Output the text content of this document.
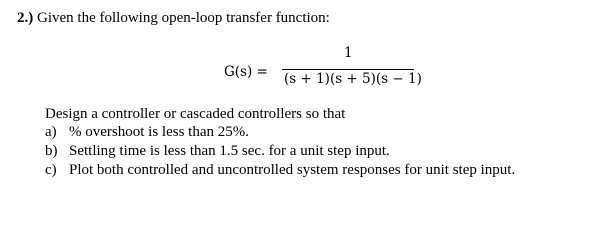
2.) Given the following open-loop transfer function:
G(s) =
1
(s + 1)(s + 5)(s − 1)
Design a controller or cascaded controllers so that
a) % overshoot is less than 25%.
b) Settling time is less than 1.5 sec. for a unit step input.
c) Plot both controlled and uncontrolled system responses for unit step input.
